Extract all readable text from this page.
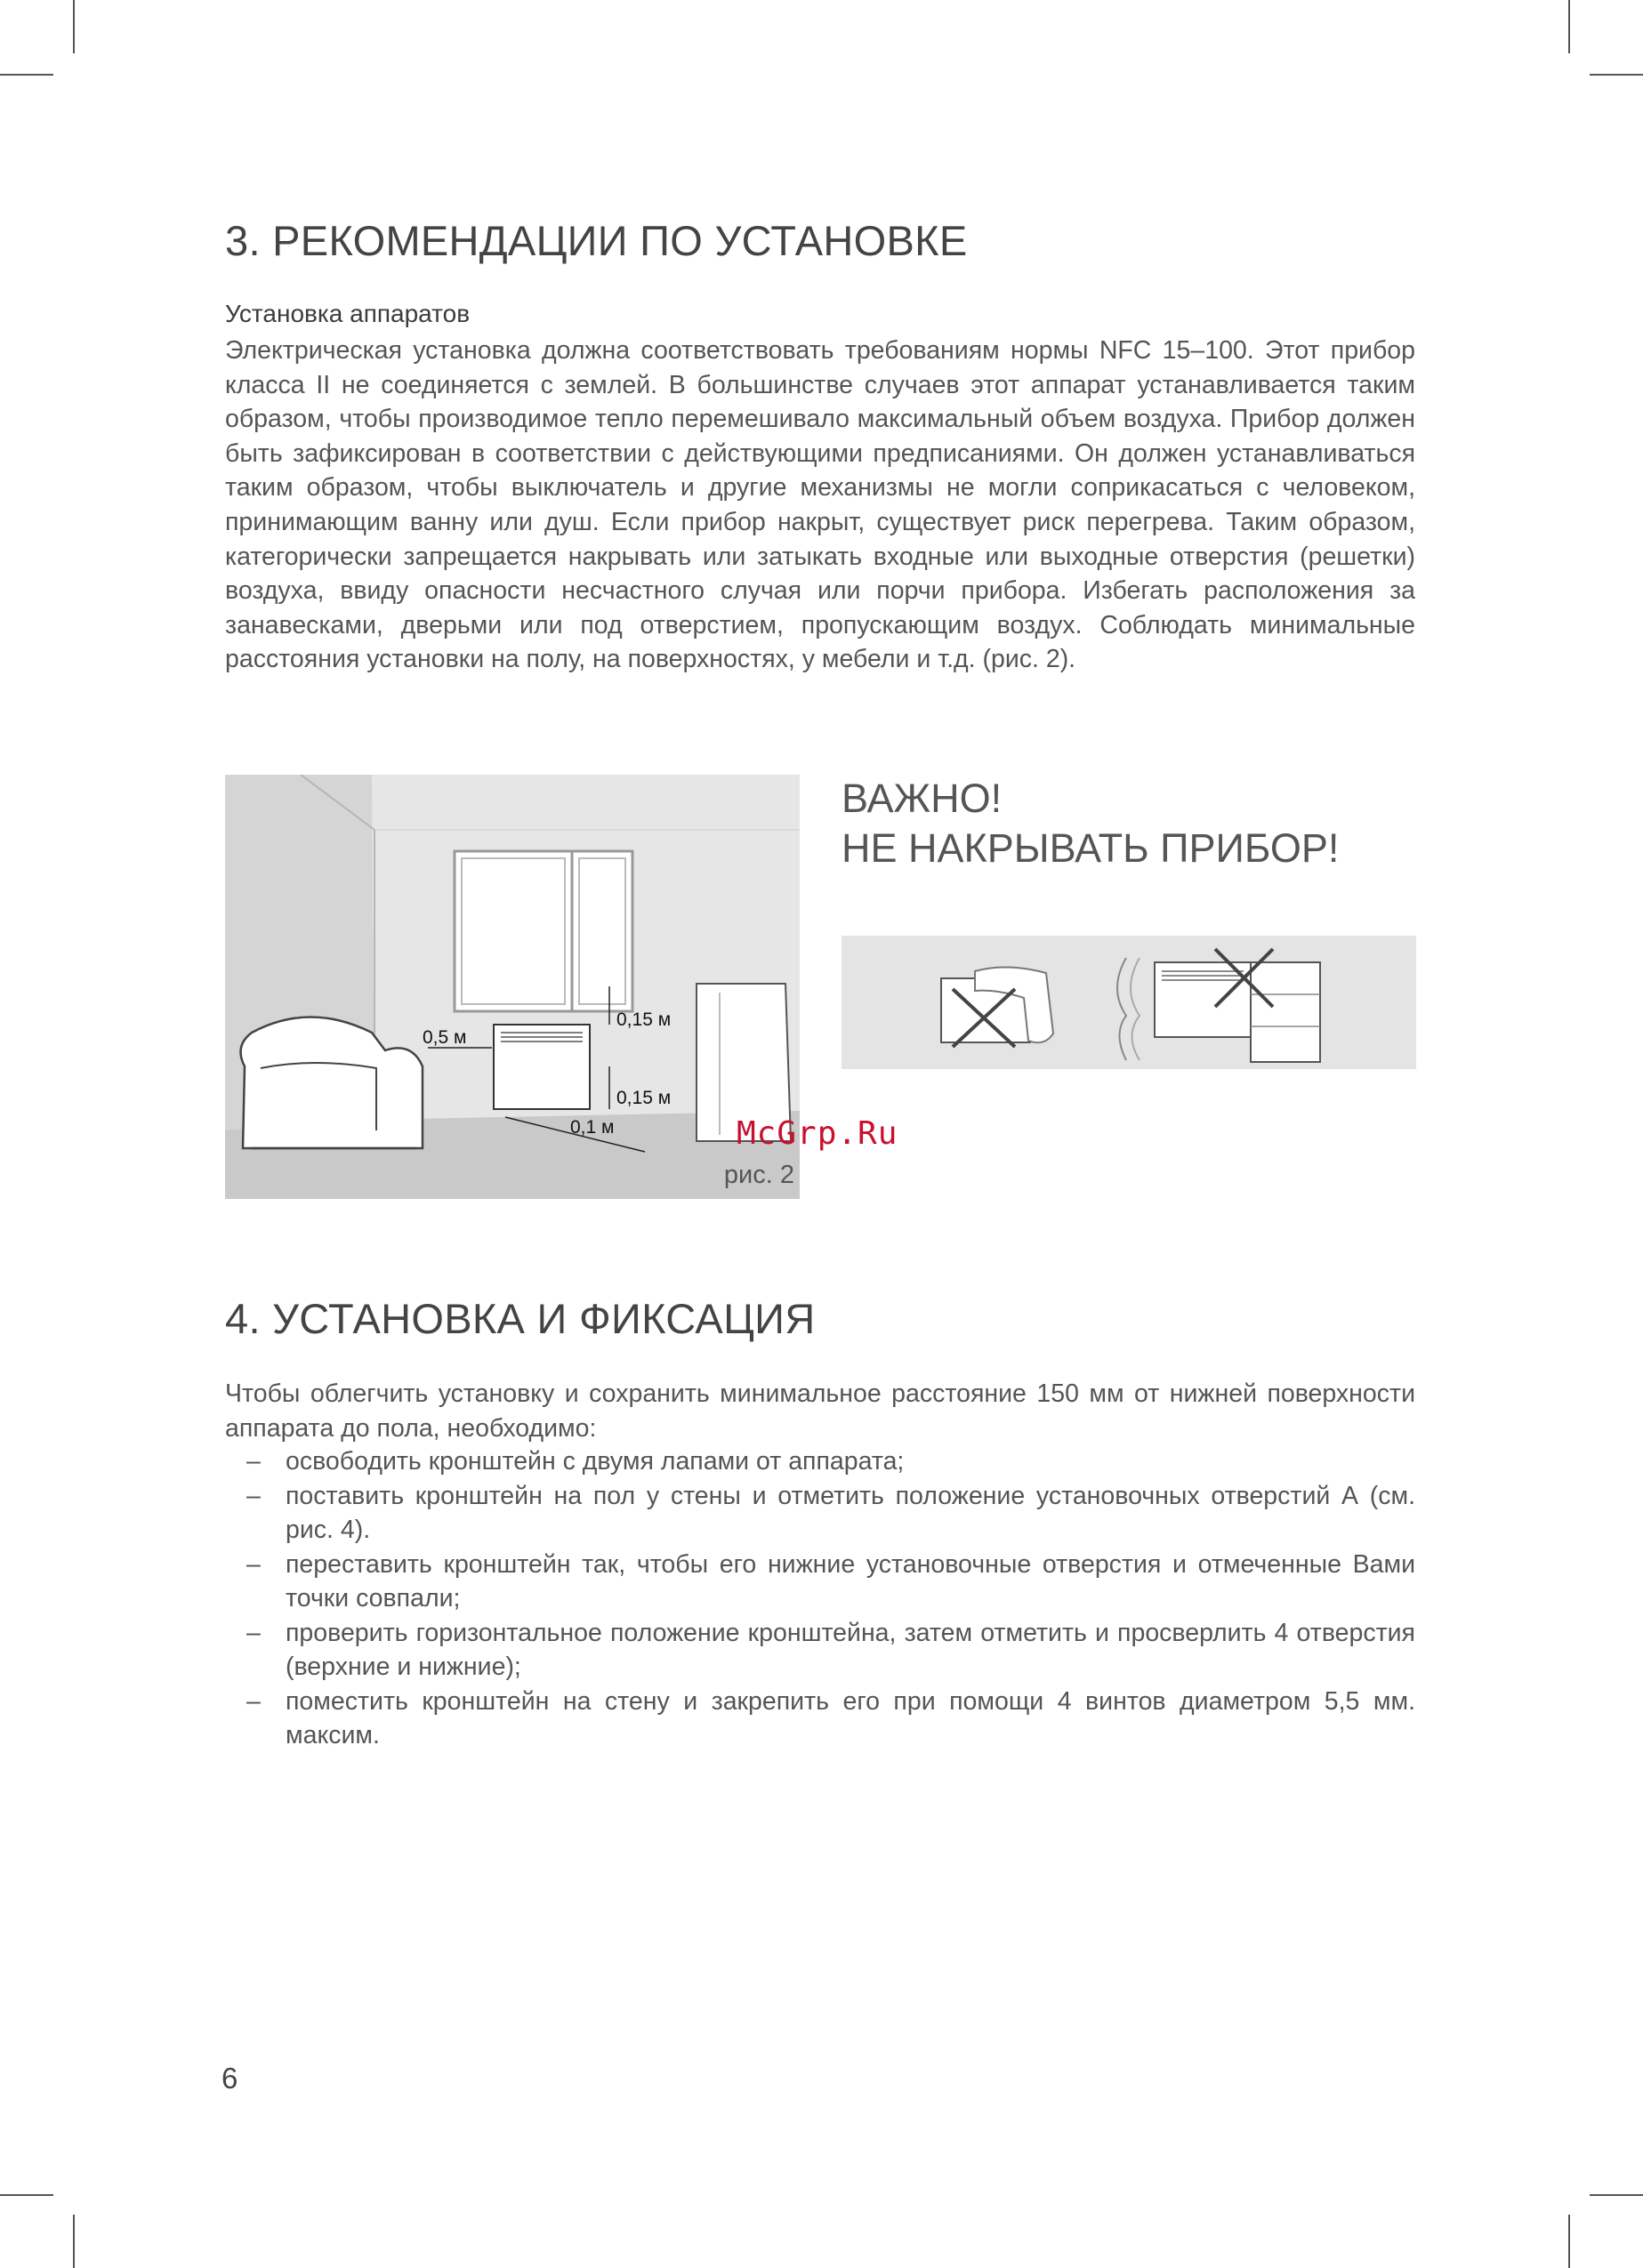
3. РЕКОМЕНДАЦИИ ПО УСТАНОВКЕ
Установка аппаратов

Электрическая установка должна соответствовать требованиям нормы NFC 15–100. Этот прибор класса II не соединяется с землей. В большинстве случаев этот аппарат устанавливается таким образом, чтобы производимое тепло перемешивало максимальный объем воздуха. Прибор должен быть зафиксирован в соответствии с действующими предписаниями. Он должен устанавливаться таким образом, чтобы выключатель и другие механизмы не могли соприкасаться с человеком, принимающим ванну или душ. Если прибор накрыт, существует риск перегрева. Таким образом, категорически запрещается накрывать или затыкать входные или выходные отверстия (решетки) воздуха, ввиду опасности несчастного случая или порчи прибора. Избегать расположения за занавесками, дверьми или под отверстием, пропускающим воздух. Соблюдать минимальные расстояния установки на полу, на поверхностях, у мебели и т.д. (рис. 2).

0,15 м
0,15 м
0,5 м
0,1 м
рис. 2
ВАЖНО!
НЕ НАКРЫВАТЬ ПРИБОР!
McGrp.Ru
4. УСТАНОВКА И ФИКСАЦИЯ

Чтобы облегчить установку и сохранить минимальное расстояние 150 мм от нижней поверхности аппарата до пола, необходимо:

– освободить кронштейн с двумя лапами от аппарата;
– поставить кронштейн на пол у стены и отметить положение установочных отверстий А (см. рис. 4).
– переставить кронштейн так, чтобы его нижние установочные отверстия и отмеченные Вами точки совпали;
– проверить горизонтальное положение кронштейна, затем отметить и просверлить 4 отверстия (верхние и нижние);
– поместить кронштейн на стену и закрепить его при помощи 4 винтов диаметром 5,5 мм. максим.
6
